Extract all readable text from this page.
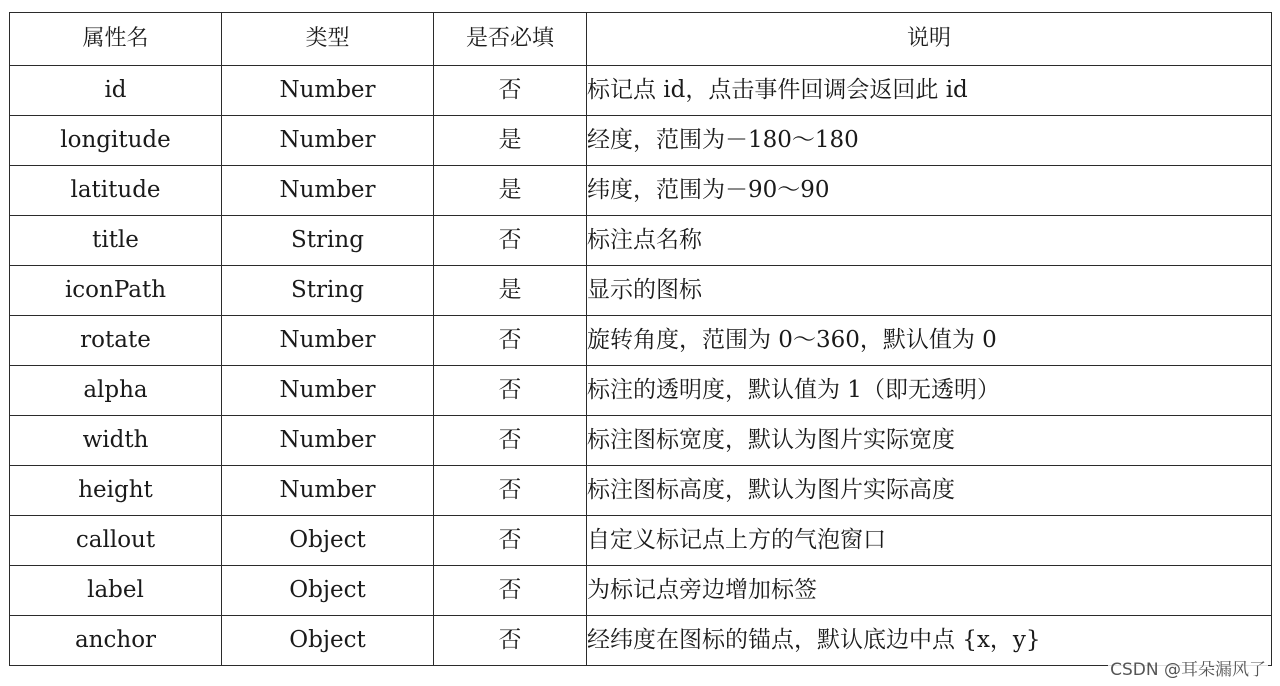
属性名	类型	是否必填	说明
id	Number	否	标记点 id，点击事件回调会返回此 id
longitude	Number	是	经度，范围为－180～180
latitude	Number	是	纬度，范围为－90～90
title	String	否	标注点名称
iconPath	String	是	显示的图标
rotate	Number	否	旋转角度，范围为 0～360，默认值为 0
alpha	Number	否	标注的透明度，默认值为 1（即无透明）
width	Number	否	标注图标宽度，默认为图片实际宽度
height	Number	否	标注图标高度，默认为图片实际高度
callout	Object	否	自定义标记点上方的气泡窗口
label	Object	否	为标记点旁边增加标签
anchor	Object	否	经纬度在图标的锚点，默认底边中点 {x，y}
CSDN @耳朵漏风了
